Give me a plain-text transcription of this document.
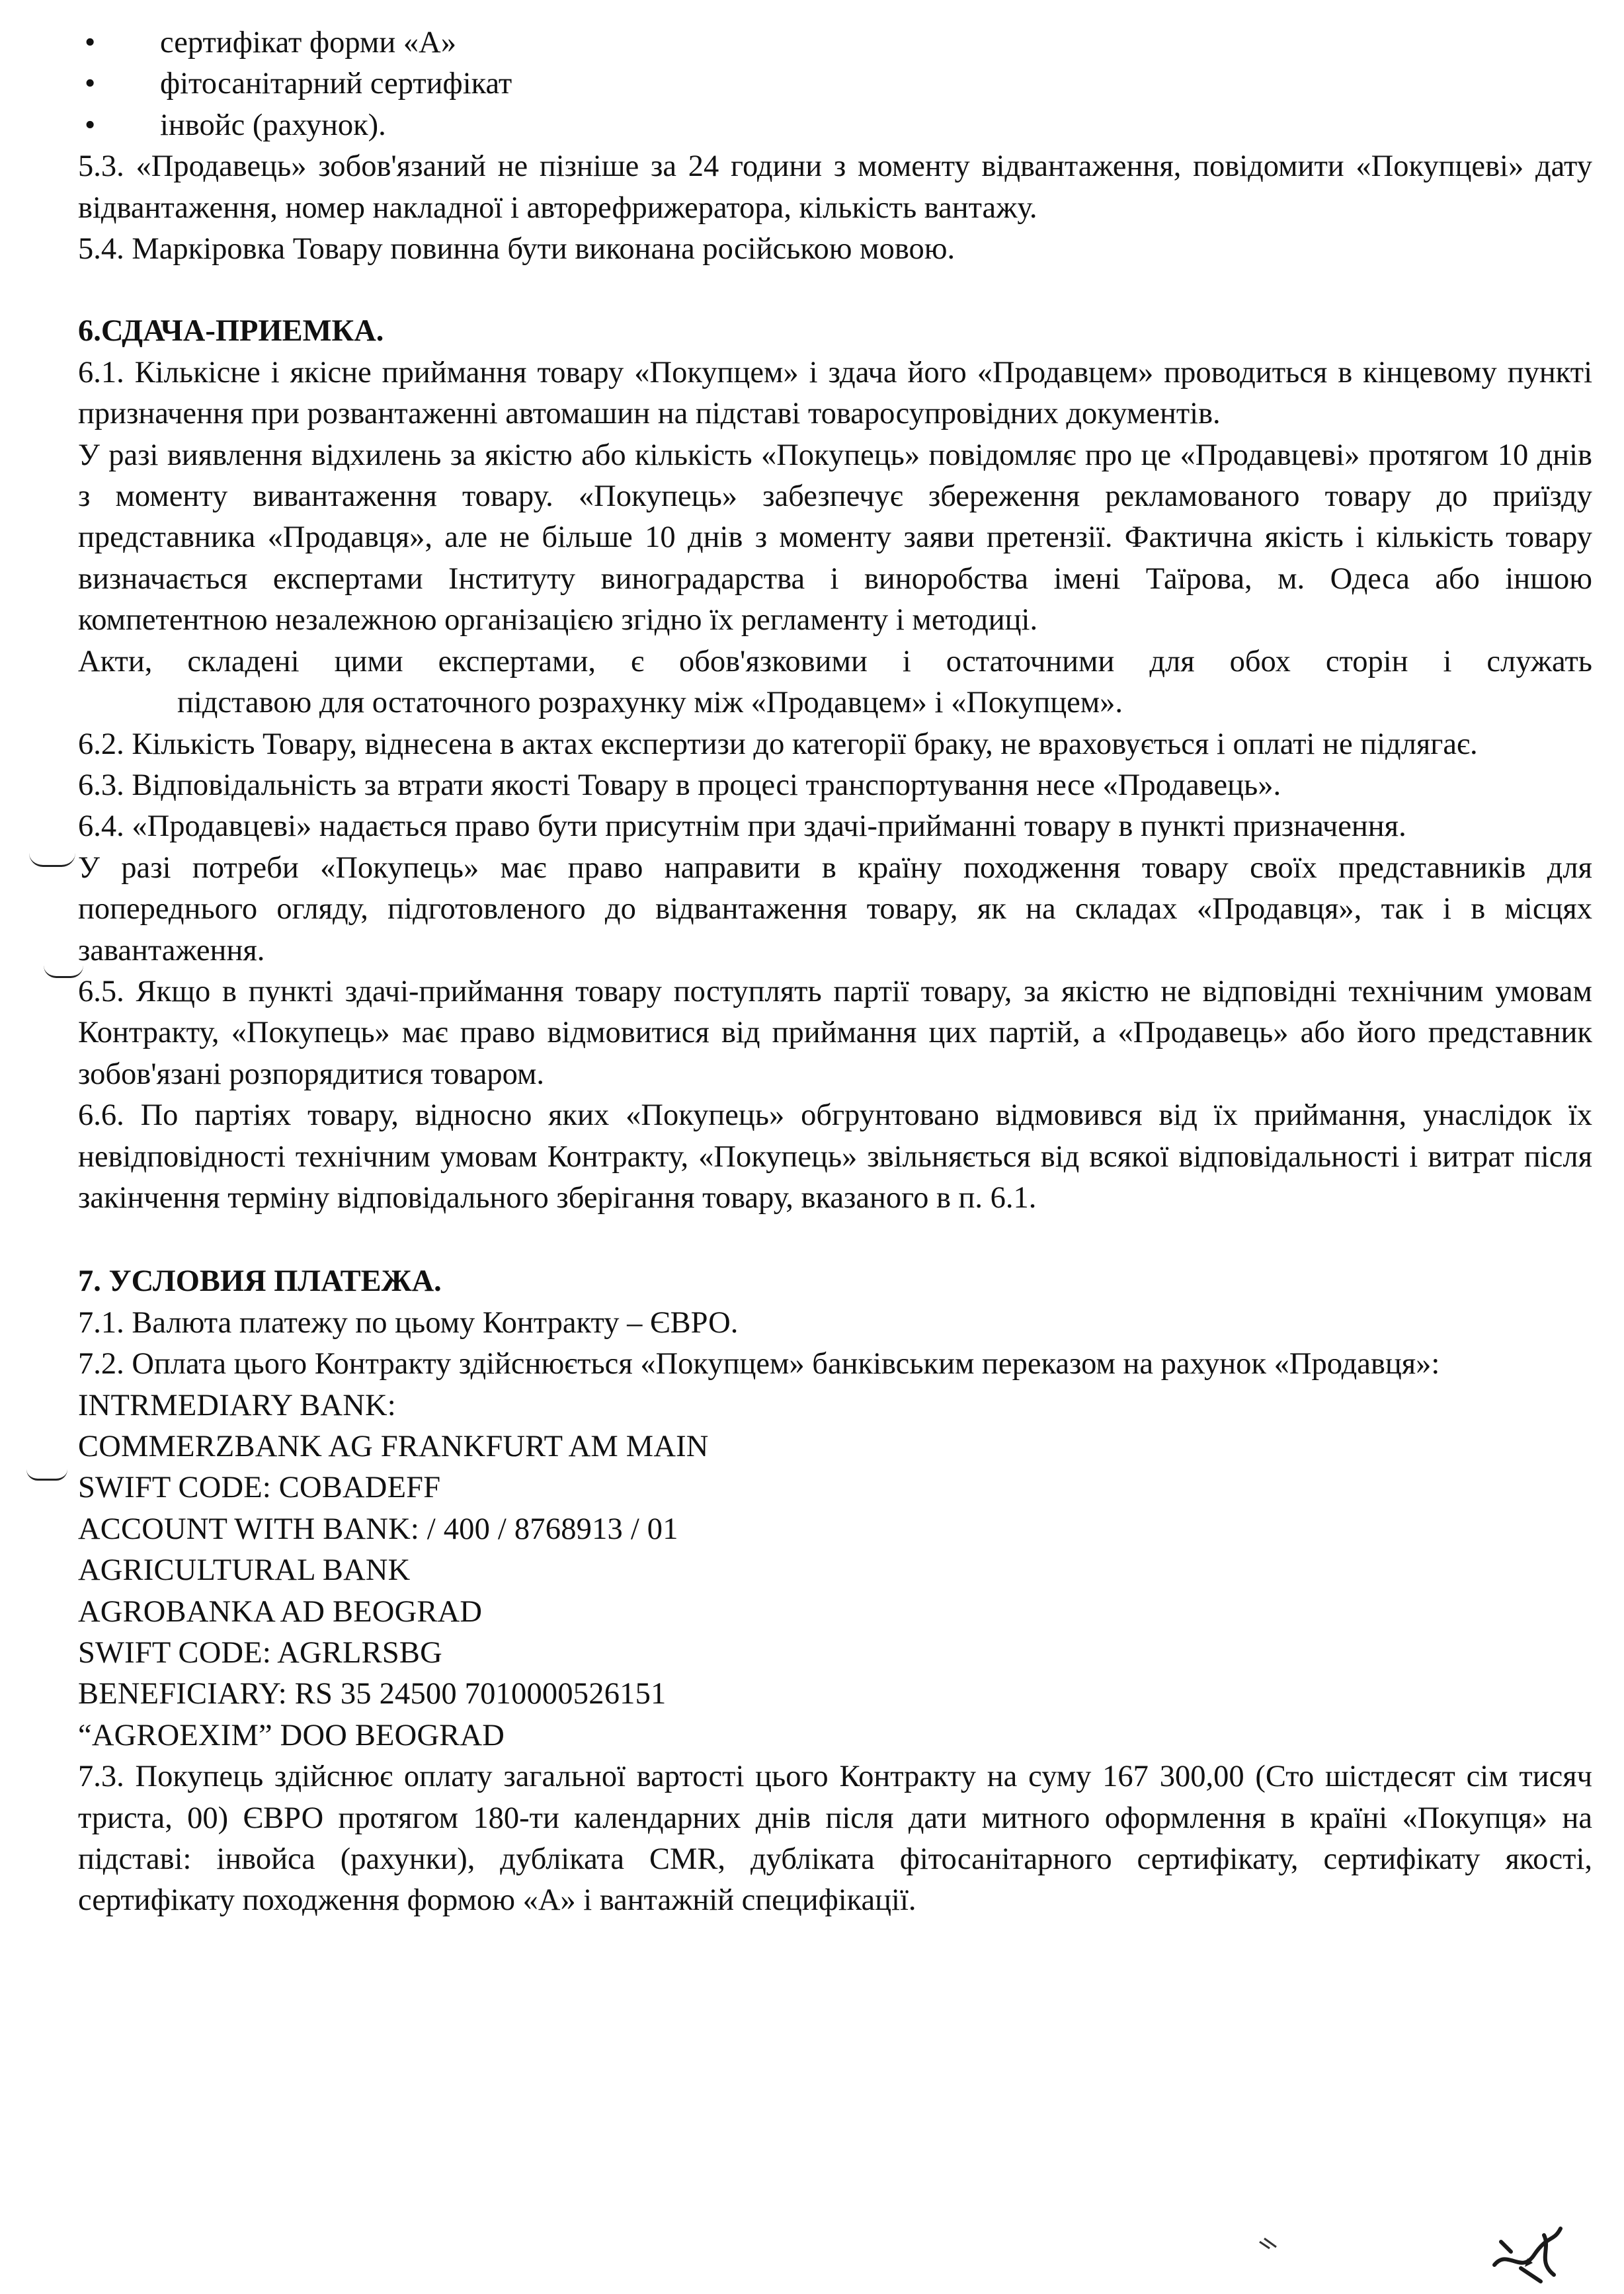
• сертифікат форми «А»
• фітосанітарний сертифікат
• інвойс (рахунок).

5.3. «Продавець» зобов'язаний не пізніше за 24 години з моменту відвантаження, повідомити «Покупцеві» дату відвантаження, номер накладної і авторефрижератора, кількість вантажу.

5.4. Маркіровка Товару повинна бути виконана російською мовою.

6.СДАЧА-ПРИЕМКА.

6.1. Кількісне і якісне приймання товару «Покупцем» і здача його «Продавцем» проводиться в кінцевому пункті призначення при розвантаженні автомашин на підставі товаросупровідних документів.

У разі виявлення відхилень за якістю або кількість «Покупець» повідомляє про це «Продавцеві» протягом 10 днів з моменту вивантаження товару. «Покупець» забезпечує збереження рекламованого товару до приїзду представника «Продавця», але не більше 10 днів з моменту заяви претензії. Фактична якість і кількість товару визначається експертами Інституту виноградарства і виноробства імені Таїрова, м. Одеса або іншою компетентною незалежною організацією згідно їх регламенту і методиці.

Акти, складені цими експертами, є обов'язковими і остаточними для обох сторін і служать

підставою для остаточного розрахунку між «Продавцем» і «Покупцем».

6.2. Кількість Товару, віднесена в актах експертизи до категорії браку, не враховується і оплаті не підлягає.

6.3. Відповідальність за втрати якості Товару в процесі транспортування несе «Продавець».

6.4. «Продавцеві» надається право бути присутнім при здачі-прийманні товару в пункті призначення.

У разі потреби «Покупець» має право направити в країну походження товару своїх представників для попереднього огляду, підготовленого до відвантаження товару, як на складах «Продавця», так і в місцях завантаження.

6.5. Якщо в пункті здачі-приймання товару поступлять партії товару, за якістю не відповідні технічним умовам Контракту, «Покупець» має право відмовитися від приймання цих партій, а «Продавець» або його представник зобов'язані розпорядитися товаром.

6.6. По партіях товару, відносно яких «Покупець» обгрунтовано відмовився від їх приймання, унаслідок їх невідповідності технічним умовам Контракту, «Покупець» звільняється від всякої відповідальності і витрат після закінчення терміну відповідального зберігання товару, вказаного в п. 6.1.

7. УСЛОВИЯ ПЛАТЕЖА.

7.1. Валюта платежу по цьому Контракту – ЄВРО.

7.2. Оплата цього Контракту здійснюється «Покупцем» банківським переказом на рахунок «Продавця»:

INTRMEDIARY BANK:

COMMERZBANK AG FRANKFURT AM MAIN

SWIFT CODE: COBADEFF

ACCOUNT WITH BANK: / 400 / 8768913 / 01

AGRICULTURAL BANK

AGROBANKA AD BEOGRAD

SWIFT CODE: AGRLRSBG

BENEFICIARY: RS 35 24500 7010000526151

“AGROEXIM” DOO BEOGRAD

7.3. Покупець здійснює оплату загальної вартості цього Контракту на суму 167 300,00 (Сто шістдесят сім тисяч триста, 00) ЄВРО протягом 180-ти календарних днів після дати митного оформлення в країні «Покупця» на підставі: інвойса (рахунки), дублiката CMR, дублiката фітосанітарного сертифікату, сертифікату якості, сертифікату походження формою «А» і вантажній специфікації.
